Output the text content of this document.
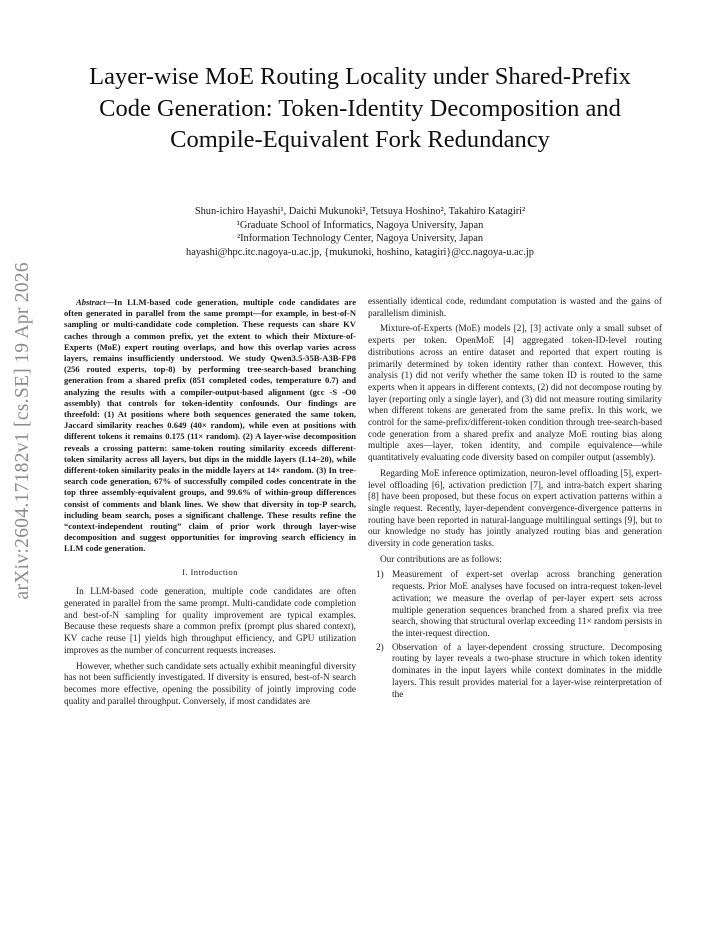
arXiv:2604.17182v1 [cs.SE] 19 Apr 2026
Layer-wise MoE Routing Locality under Shared-Prefix Code Generation: Token-Identity Decomposition and Compile-Equivalent Fork Redundancy
Shun-ichiro Hayashi¹, Daichi Mukunoki², Tetsuya Hoshino², Takahiro Katagiri²
¹Graduate School of Informatics, Nagoya University, Japan
²Information Technology Center, Nagoya University, Japan
hayashi@hpc.itc.nagoya-u.ac.jp, {mukunoki, hoshino, katagiri}@cc.nagoya-u.ac.jp

Abstract—In LLM-based code generation, multiple code candidates are often generated in parallel from the same prompt—for example, in best-of-N sampling or multi-candidate code completion. These requests can share KV caches through a common prefix, yet the extent to which their Mixture-of-Experts (MoE) expert routing overlaps, and how this overlap varies across layers, remains insufficiently understood. We study Qwen3.5-35B-A3B-FP8 (256 routed experts, top-8) by performing tree-search-based branching generation from a shared prefix (851 completed codes, temperature 0.7) and analyzing the results with a compiler-output-based alignment (gcc -S -O0 assembly) that controls for token-identity confounds. Our findings are threefold: (1) At positions where both sequences generated the same token, Jaccard similarity reaches 0.649 (40× random), while even at positions with different tokens it remains 0.175 (11× random). (2) A layer-wise decomposition reveals a crossing pattern: same-token routing similarity exceeds different-token similarity across all layers, but dips in the middle layers (L14–20), while different-token similarity peaks in the middle layers at 14× random. (3) In tree-search code generation, 67% of successfully compiled codes concentrate in the top three assembly-equivalent groups, and 99.6% of within-group differences consist of comments and blank lines. We show that diversity in top-P search, including beam search, poses a significant challenge. These results refine the “context-independent routing” claim of prior work through layer-wise decomposition and suggest opportunities for improving search efficiency in LLM code generation.

I. Introduction

In LLM-based code generation, multiple code candidates are often generated in parallel from the same prompt. Multi-candidate code completion and best-of-N sampling for quality improvement are typical examples. Because these requests share a common prefix (prompt plus shared context), KV cache reuse [1] yields high throughput efficiency, and GPU utilization improves as the number of concurrent requests increases.

However, whether such candidate sets actually exhibit meaningful diversity has not been sufficiently investigated. If diversity is ensured, best-of-N search becomes more effective, opening the possibility of jointly improving code quality and parallel throughput. Conversely, if most candidates are

essentially identical code, redundant computation is wasted and the gains of parallelism diminish.

Mixture-of-Experts (MoE) models [2], [3] activate only a small subset of experts per token. OpenMoE [4] aggregated token-ID-level routing distributions across an entire dataset and reported that expert routing is primarily determined by token identity rather than context. However, this analysis (1) did not verify whether the same token ID is routed to the same experts when it appears in different contexts, (2) did not decompose routing by layer (reporting only a single layer), and (3) did not measure routing similarity when different tokens are generated from the same prefix. In this work, we control for the same-prefix/different-token condition through tree-search-based code generation from a shared prefix and analyze MoE routing bias along multiple axes—layer, token identity, and compile equivalence—while quantitatively evaluating code diversity based on compiler output (assembly).

Regarding MoE inference optimization, neuron-level offloading [5], expert-level offloading [6], activation prediction [7], and intra-batch expert sharing [8] have been proposed, but these focus on expert activation patterns within a single request. Recently, layer-dependent convergence-divergence patterns in routing have been reported in natural-language multilingual settings [9], but to our knowledge no study has jointly analyzed routing bias and generation diversity in code generation tasks.

Our contributions are as follows:

1) Measurement of expert-set overlap across branching generation requests. Prior MoE analyses have focused on intra-request token-level activation; we measure the overlap of per-layer expert sets across multiple generation sequences branched from a shared prefix via tree search, showing that structural overlap exceeding 11× random persists in the inter-request direction.
2) Observation of a layer-dependent crossing structure. Decomposing routing by layer reveals a two-phase structure in which token identity dominates in the input layers while context dominates in the middle layers. This result provides material for a layer-wise reinterpretation of the
